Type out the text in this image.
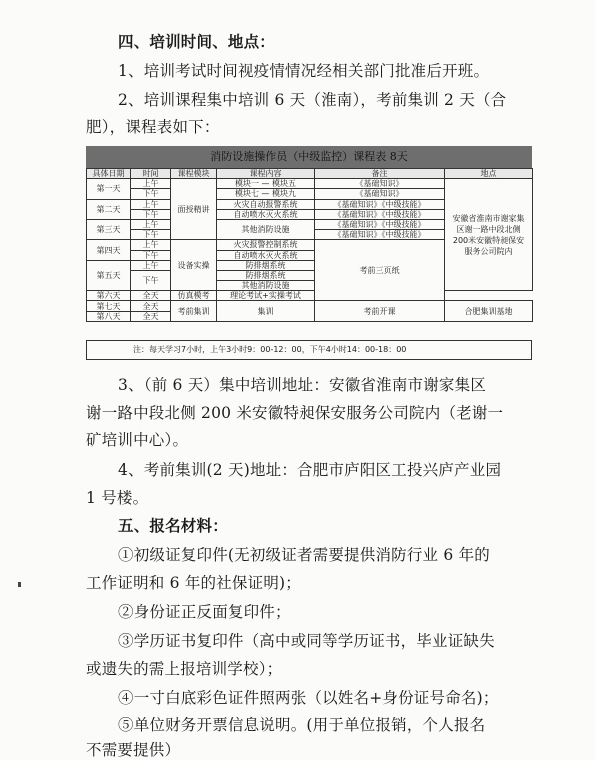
四、培训时间、地点：
1、培训考试时间视疫情情况经相关部门批准后开班。
2、培训课程集中培训 6 天（淮南），考前集训 2 天（合
肥），课程表如下：
消防设施操作员（中级监控）课程表 8天
具体日期	时间	课程模块	课程内容	备注	地点
第一天	上午	面授精讲	模块一 — 模块五	《基础知识》	安徽省淮南市谢家集区谢一路中段北侧200米安徽特昶保安服务公司院内
	下午		模块七 — 模块九	《基础知识》	
第二天	上午		火灾自动报警系统	《基础知识》《中级技能》	
	下午		自动喷水灭火系统	《基础知识》《中级技能》	
第三天	上午		其他消防设施	《基础知识》《中级技能》	
	下午			《基础知识》《中级技能》	
第四天	上午	设备实操	火灾报警控制系统	考前三页纸	
	下午		自动喷水灭火系统		
第五天	上午		防排烟系统		
	下午		防排烟系统		
			其他消防设施		
第六天	全天	仿真模考	理论考试+实操考试		
第七天	全天	考前集训	集训	考前开课	合肥集训基地
第八天	全天				
注：每天学习7小时，上午3小时9：00-12：00，下午4小时14：00-18：00
3、（前 6 天）集中培训地址：安徽省淮南市谢家集区
谢一路中段北侧 200 米安徽特昶保安服务公司院内（老谢一
矿培训中心）。
4、考前集训(2 天)地址：合肥市庐阳区工投兴庐产业园
1 号楼。
五、报名材料：
①初级证复印件(无初级证者需要提供消防行业 6 年的
工作证明和 6 年的社保证明)；
②身份证正反面复印件；
③学历证书复印件（高中或同等学历证书，毕业证缺失
或遗失的需上报培训学校）；
④一寸白底彩色证件照两张（以姓名+身份证号命名)；
⑤单位财务开票信息说明。(用于单位报销，个人报名
不需要提供）
